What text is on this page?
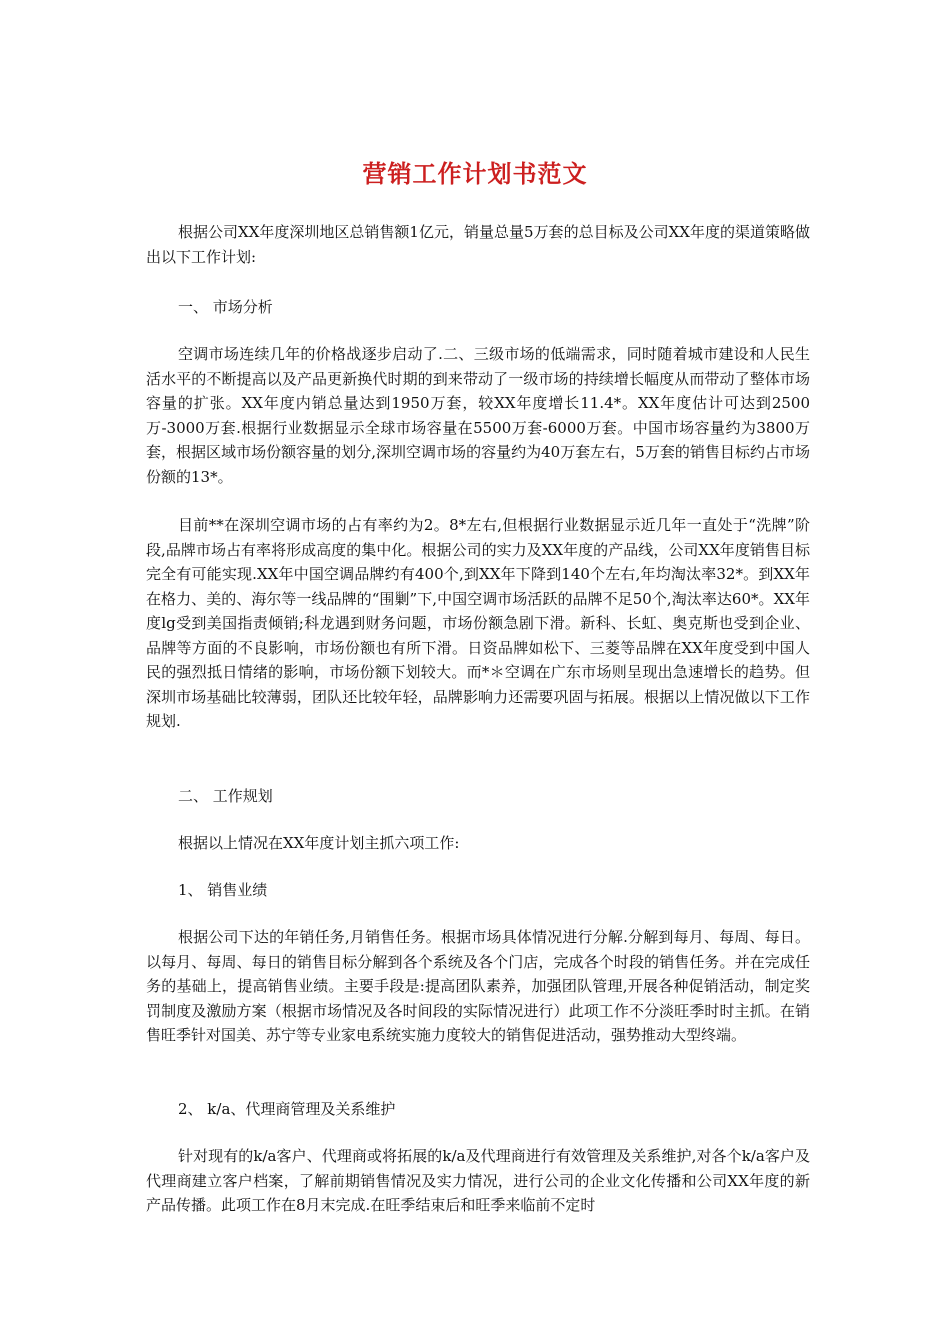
营销工作计划书范文

根据公司XX年度深圳地区总销售额1亿元，销量总量5万套的总目标及公司XX年度的渠道策略做出以下工作计划:

一、 市场分析

空调市场连续几年的价格战逐步启动了.二、三级市场的低端需求，同时随着城市建设和人民生活水平的不断提高以及产品更新换代时期的到来带动了一级市场的持续增长幅度从而带动了整体市场容量的扩张。XX年度内销总量达到1950万套，较XX年度增长11.4*。XX年度估计可达到2500万-3000万套.根据行业数据显示全球市场容量在5500万套-6000万套。中国市场容量约为3800万套，根据区域市场份额容量的划分,深圳空调市场的容量约为40万套左右，5万套的销售目标约占市场份额的13*。

目前**在深圳空调市场的占有率约为2。8*左右,但根据行业数据显示近几年一直处于“洗牌”阶段,品牌市场占有率将形成高度的集中化。根据公司的实力及XX年度的产品线，公司XX年度销售目标完全有可能实现.XX年中国空调品牌约有400个,到XX年下降到140个左右,年均淘汰率32*。到XX年在格力、美的、海尔等一线品牌的“围剿”下,中国空调市场活跃的品牌不足50个,淘汰率达60*。XX年度lg受到美国指责倾销;科龙遇到财务问题，市场份额急剧下滑。新科、长虹、奥克斯也受到企业、品牌等方面的不良影响，市场份额也有所下滑。日资品牌如松下、三菱等品牌在XX年度受到中国人民的强烈抵日情绪的影响，市场份额下划较大。而*＊空调在广东市场则呈现出急速增长的趋势。但深圳市场基础比较薄弱，团队还比较年轻，品牌影响力还需要巩固与拓展。根据以上情况做以下工作规划.

二、 工作规划

根据以上情况在XX年度计划主抓六项工作:

1、 销售业绩

根据公司下达的年销任务,月销售任务。根据市场具体情况进行分解.分解到每月、每周、每日。以每月、每周、每日的销售目标分解到各个系统及各个门店，完成各个时段的销售任务。并在完成任务的基础上，提高销售业绩。主要手段是:提高团队素养，加强团队管理,开展各种促销活动，制定奖罚制度及激励方案（根据市场情况及各时间段的实际情况进行）此项工作不分淡旺季时时主抓。在销售旺季针对国美、苏宁等专业家电系统实施力度较大的销售促进活动，强势推动大型终端。

2、 k/a、代理商管理及关系维护

针对现有的k/a客户、代理商或将拓展的k/a及代理商进行有效管理及关系维护,对各个k/a客户及代理商建立客户档案，了解前期销售情况及实力情况，进行公司的企业文化传播和公司XX年度的新产品传播。此项工作在8月末完成.在旺季结束后和旺季来临前不定时
